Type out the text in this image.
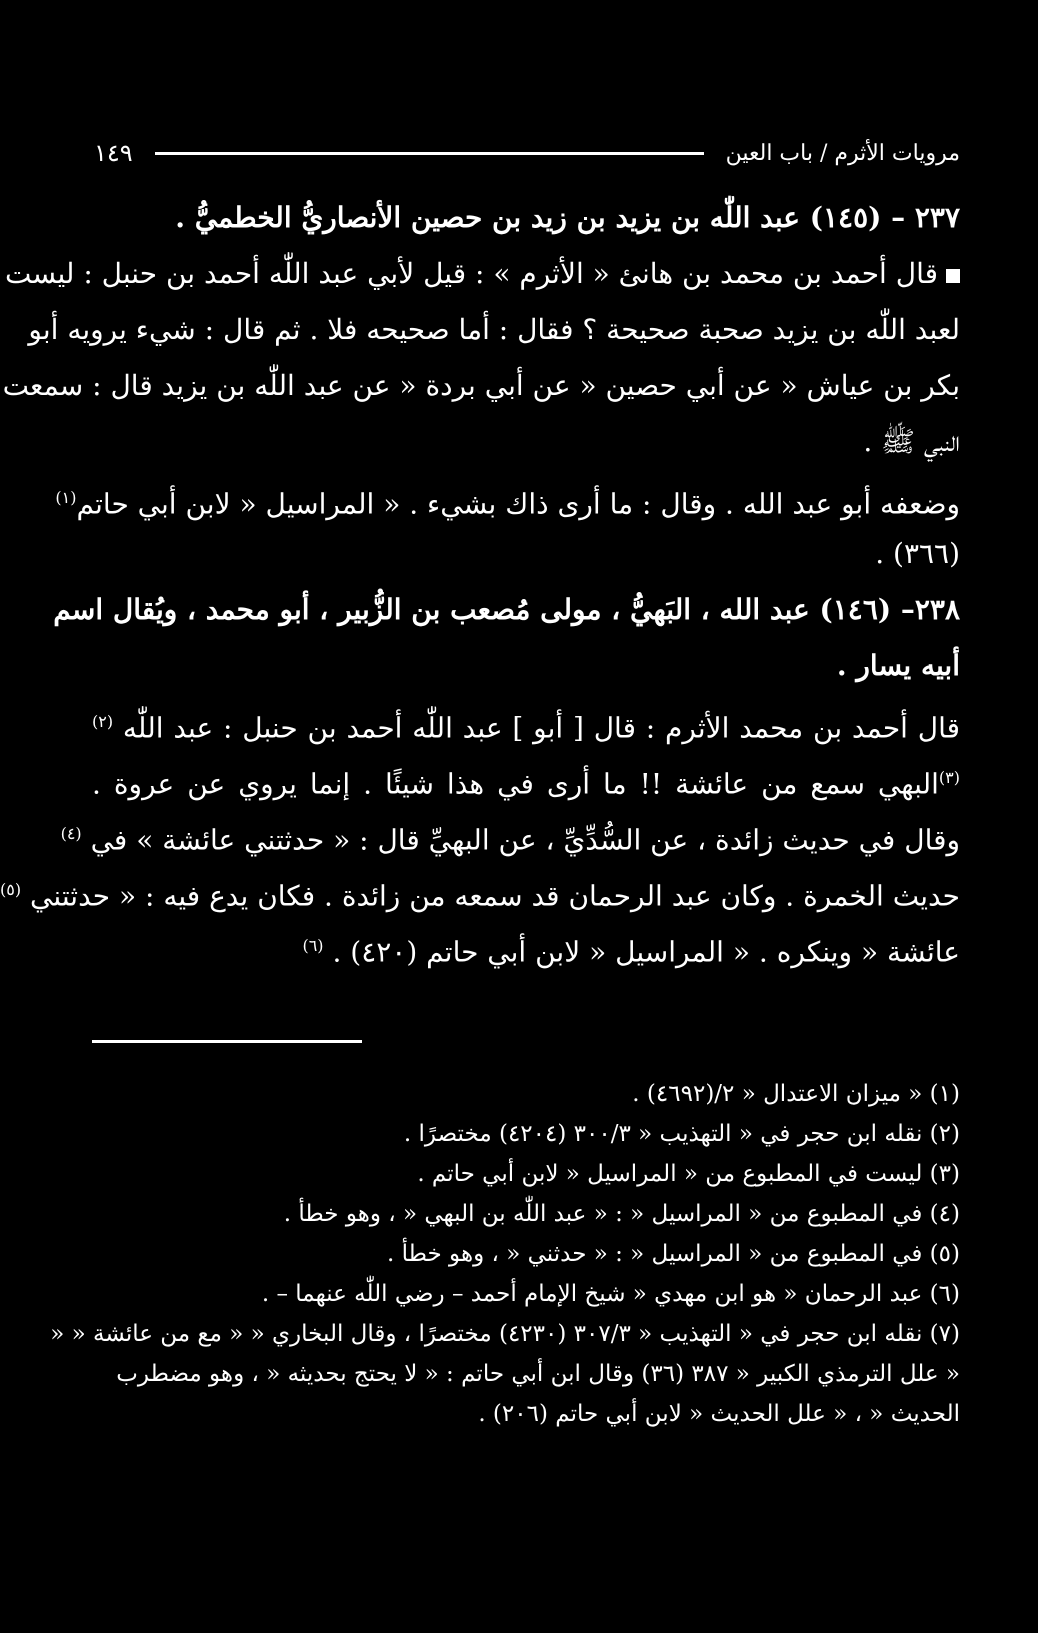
مرويات الأثرم / باب العين
١٤٩
٢٣٧ – (١٤٥) عبد اللّٰه بن يزيد بن زيد بن حصين الأنصاريُّ الخطميُّ .
قال أحمد بن محمد بن هانئ « الأثرم » : قيل لأبي عبد اللّٰه أحمد بن حنبل : ليست
لعبد اللّٰه بن يزيد صحبة صحيحة ؟ فقال : أما صحيحه فلا . ثم قال : شيء يرويه أبو
بكر بن عياش « عن أبي حصين « عن أبي بردة « عن عبد اللّٰه بن يزيد قال : سمعت
النبي ﷺ .
وضعفه أبو عبد الله . وقال : ما أرى ذاك بشيء . « المراسيل « لابن أبي حاتم$^{(١)}$
(٣٦٦) .
٢٣٨– (١٤٦) عبد الله ، البَهيُّ ، مولى مُصعب بن الزُّبير ، أبو محمد ، ويُقال اسم
أبيه يسار .
قال أحمد بن محمد الأثرم : قال [ أبو ] عبد اللّٰه أحمد بن حنبل : عبد اللّٰه $^{(٢)}$
$^{(٣)}$البهي سمع من عائشة !! ما أرى في هذا شيئًا . إنما يروي عن عروة .
وقال في حديث زائدة ، عن السُّدِّيِّ ، عن البهيِّ قال : « حدثتني عائشة » في $^{(٤)}$
حديث الخمرة . وكان عبد الرحمان قد سمعه من زائدة . فكان يدع فيه : « حدثتني $^{(٥)}$
عائشة « وينكره . « المراسيل « لابن أبي حاتم (٤٢٠) . $^{(٦)}$
(١) « ميزان الاعتدال « ٢/(٤٦٩٢) .
(٢) نقله ابن حجر في « التهذيب « ٣٠٠/٣ (٤٢٠٤) مختصرًا .
(٣) ليست في المطبوع من « المراسيل « لابن أبي حاتم .
(٤) في المطبوع من « المراسيل « : « عبد اللّٰه بن البهي « ، وهو خطأ .
(٥) في المطبوع من « المراسيل « : « حدثني « ، وهو خطأ .
(٦) عبد الرحمان « هو ابن مهدي « شيخ الإمام أحمد – رضي اللّٰه عنهما – .
(٧) نقله ابن حجر في « التهذيب « ٣٠٧/٣ (٤٢٣٠) مختصرًا ، وقال البخاري « « مع من عائشة « «
« علل الترمذي الكبير « ٣٨٧ (٣٦) وقال ابن أبي حاتم : « لا يحتج بحديثه « ، وهو مضطرب
الحديث « ، « علل الحديث « لابن أبي حاتم (٢٠٦) .
